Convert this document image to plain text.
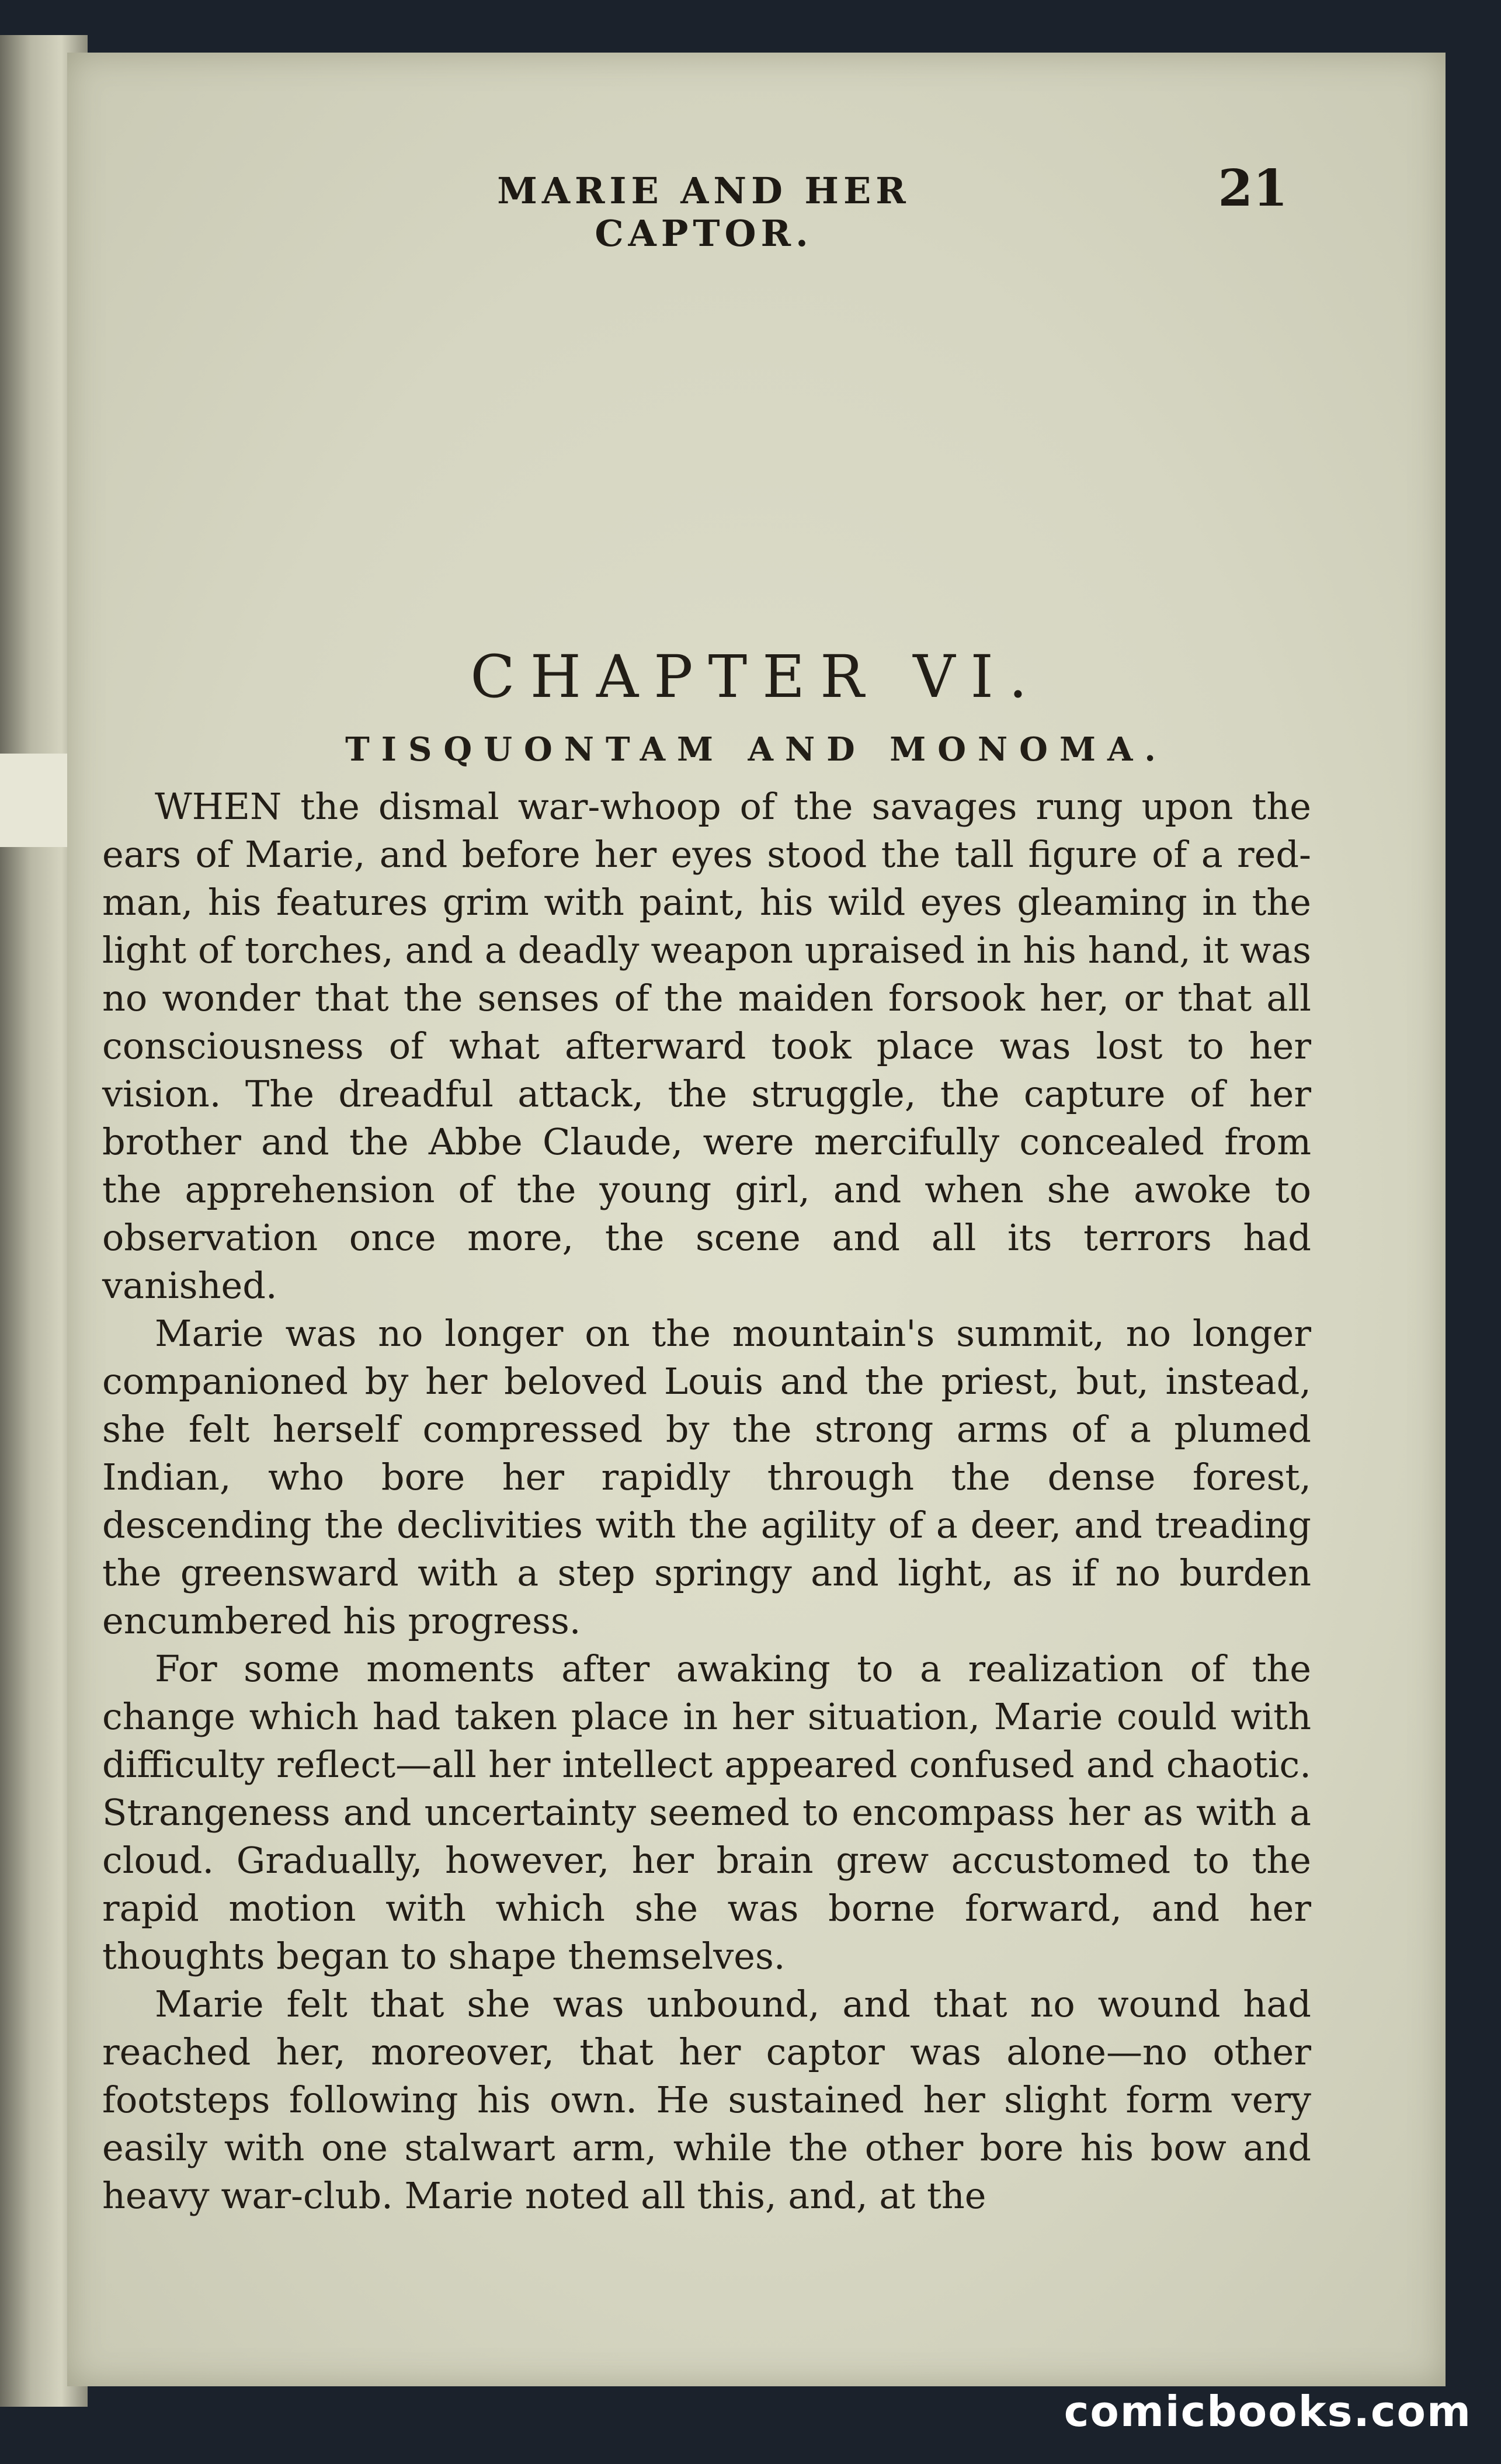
MARIE AND HER CAPTOR.
21
CHAPTER VI.
TISQUONTAM AND MONOMA.

WHEN the dismal war-whoop of the savages rung upon the ears of Marie, and before her eyes stood the tall figure of a red-man, his features grim with paint, his wild eyes gleaming in the light of torches, and a deadly weapon upraised in his hand, it was no wonder that the senses of the maiden forsook her, or that all consciousness of what afterward took place was lost to her vision. The dreadful attack, the struggle, the capture of her brother and the Abbe Claude, were mercifully concealed from the apprehension of the young girl, and when she awoke to observation once more, the scene and all its terrors had vanished.

Marie was no longer on the mountain's summit, no longer companioned by her beloved Louis and the priest, but, instead, she felt herself compressed by the strong arms of a plumed Indian, who bore her rapidly through the dense forest, descending the declivities with the agility of a deer, and treading the greensward with a step springy and light, as if no burden encumbered his progress.

For some moments after awaking to a realization of the change which had taken place in her situation, Marie could with difficulty reflect—all her intellect appeared confused and chaotic. Strangeness and uncertainty seemed to encompass her as with a cloud. Gradually, however, her brain grew accustomed to the rapid motion with which she was borne forward, and her thoughts began to shape themselves.

Marie felt that she was unbound, and that no wound had reached her, moreover, that her captor was alone—no other footsteps following his own. He sustained her slight form very easily with one stalwart arm, while the other bore his bow and heavy war-club. Marie noted all this, and, at the

comicbooks.com
